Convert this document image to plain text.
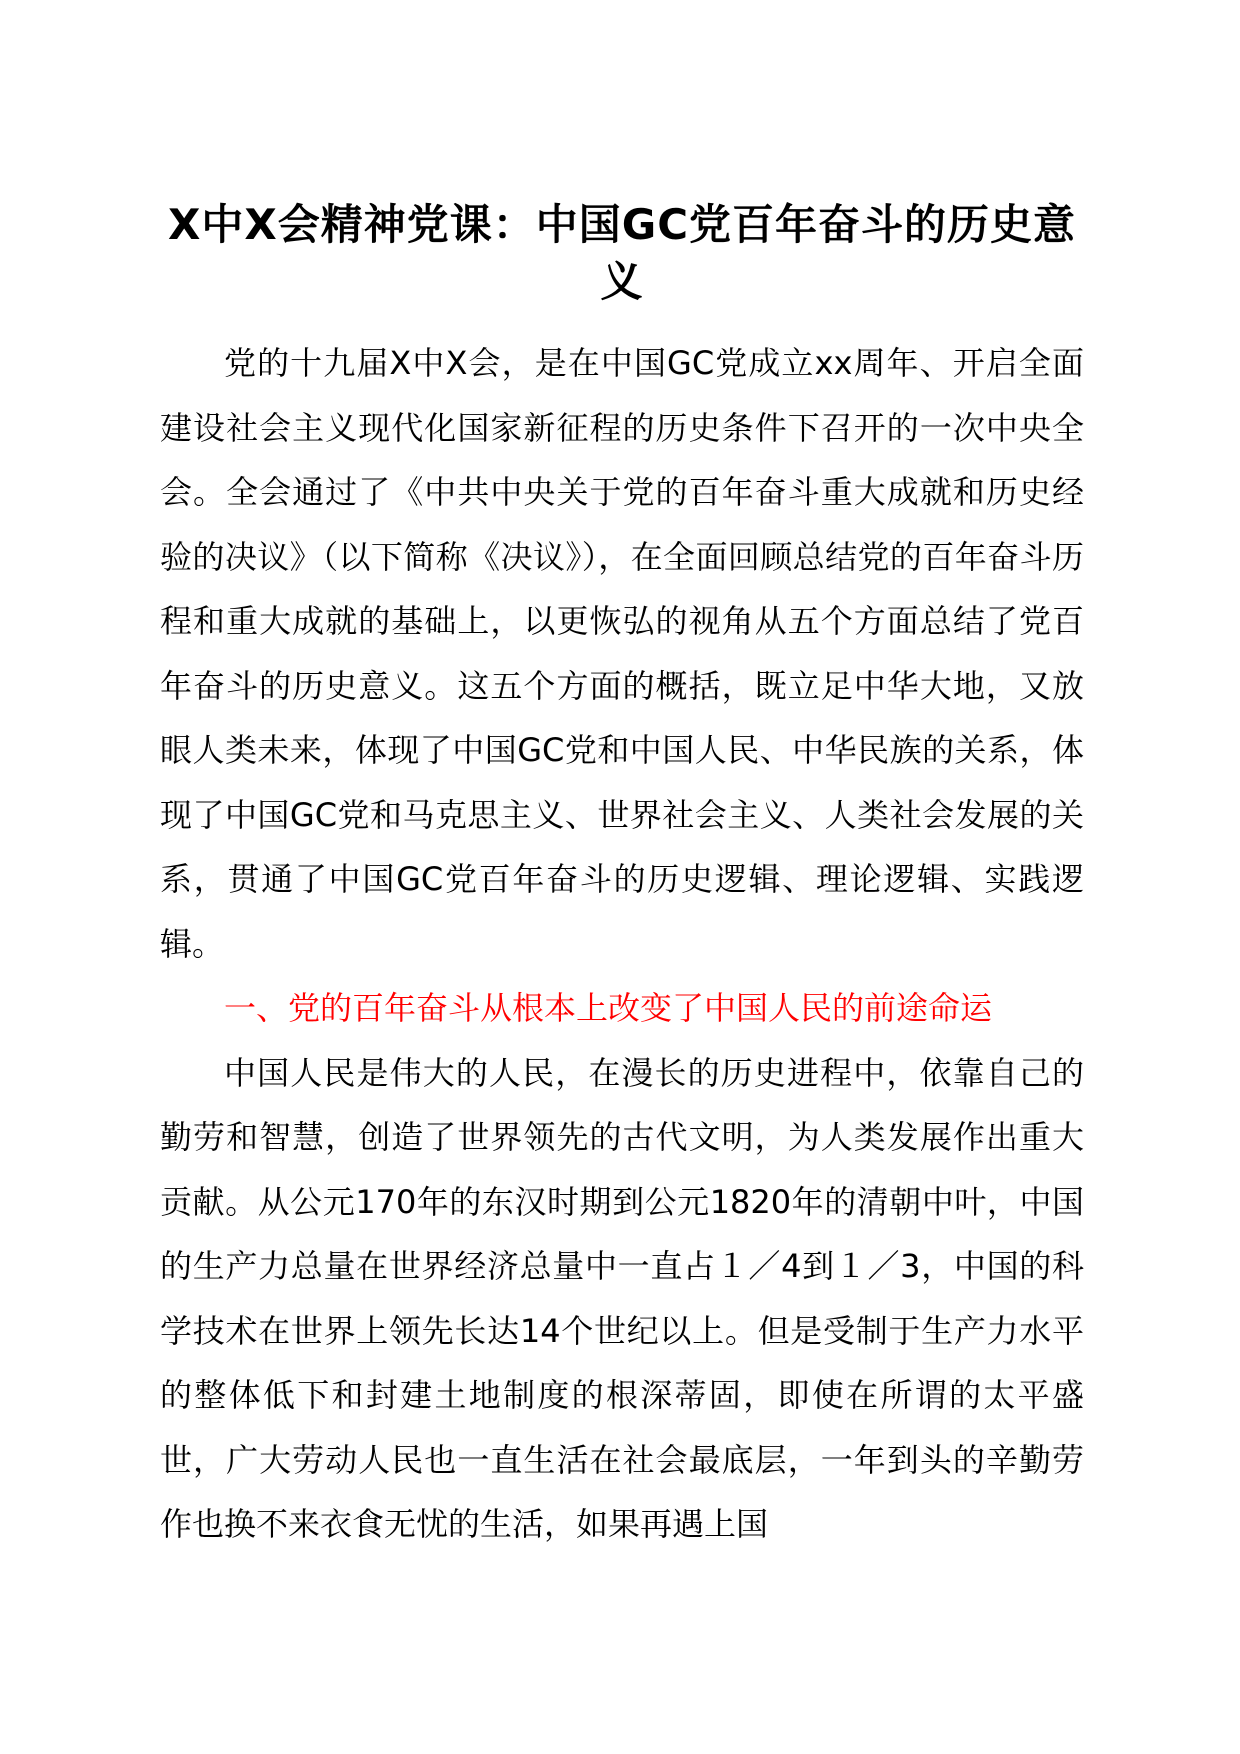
X中X会精神党课：中国GC党百年奋斗的历史意义

党的十九届X中X会，是在中国GC党成立xx周年、开启全面建设社会主义现代化国家新征程的历史条件下召开的一次中央全会。全会通过了《中共中央关于党的百年奋斗重大成就和历史经验的决议》（以下简称《决议》），在全面回顾总结党的百年奋斗历程和重大成就的基础上，以更恢弘的视角从五个方面总结了党百年奋斗的历史意义。这五个方面的概括，既立足中华大地，又放眼人类未来，体现了中国GC党和中国人民、中华民族的关系，体现了中国GC党和马克思主义、世界社会主义、人类社会发展的关系，贯通了中国GC党百年奋斗的历史逻辑、理论逻辑、实践逻辑。

一、党的百年奋斗从根本上改变了中国人民的前途命运

中国人民是伟大的人民，在漫长的历史进程中，依靠自己的勤劳和智慧，创造了世界领先的古代文明，为人类发展作出重大贡献。从公元170年的东汉时期到公元1820年的清朝中叶，中国的生产力总量在世界经济总量中一直占１／4到１／3，中国的科学技术在世界上领先长达14个世纪以上。但是受制于生产力水平的整体低下和封建土地制度的根深蒂固，即使在所谓的太平盛世，广大劳动人民也一直生活在社会最底层，一年到头的辛勤劳作也换不来衣食无忧的生活，如果再遇上国
